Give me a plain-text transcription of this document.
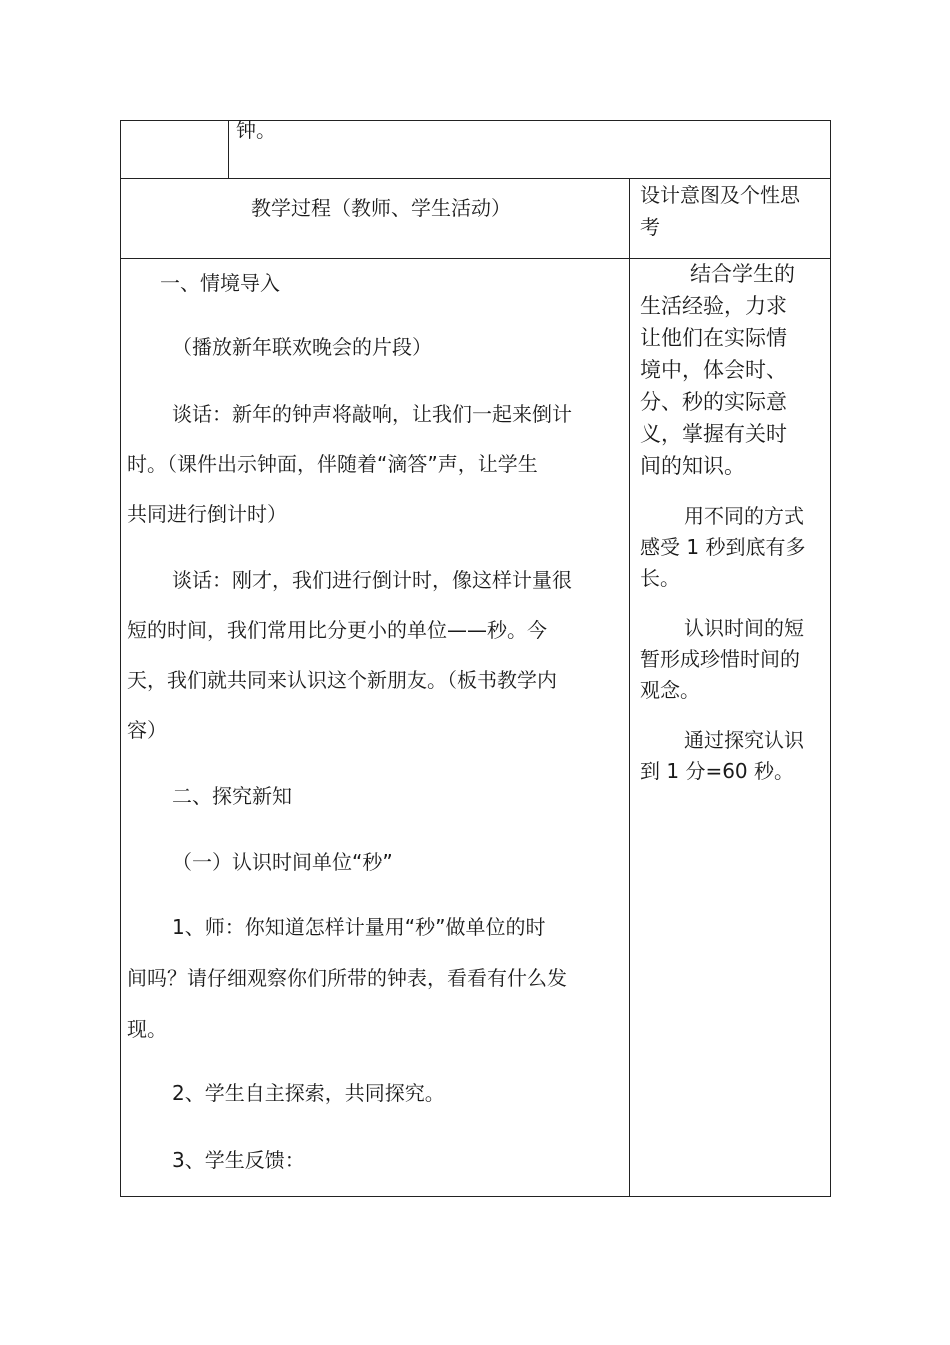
钟。
教学过程（教师、学生活动）
设计意图及个性思
考
一、情境导入
（播放新年联欢晚会的片段）
谈话：新年的钟声将敲响，让我们一起来倒计
时。（课件出示钟面，伴随着“滴答”声，让学生
共同进行倒计时）
谈话：刚才，我们进行倒计时，像这样计量很
短的时间，我们常用比分更小的单位——秒。今
天，我们就共同来认识这个新朋友。（板书教学内
容）
二、探究新知
（一）认识时间单位“秒”
1、师：你知道怎样计量用“秒”做单位的时
间吗？请仔细观察你们所带的钟表，看看有什么发
现。
2、学生自主探索，共同探究。
3、学生反馈：
结合学生的
生活经验，力求
让他们在实际情
境中，体会时、
分、秒的实际意
义，掌握有关时
间的知识。
用不同的方式
感受 1 秒到底有多
长。
认识时间的短
暂形成珍惜时间的
观念。
通过探究认识
到 1 分=60 秒。
